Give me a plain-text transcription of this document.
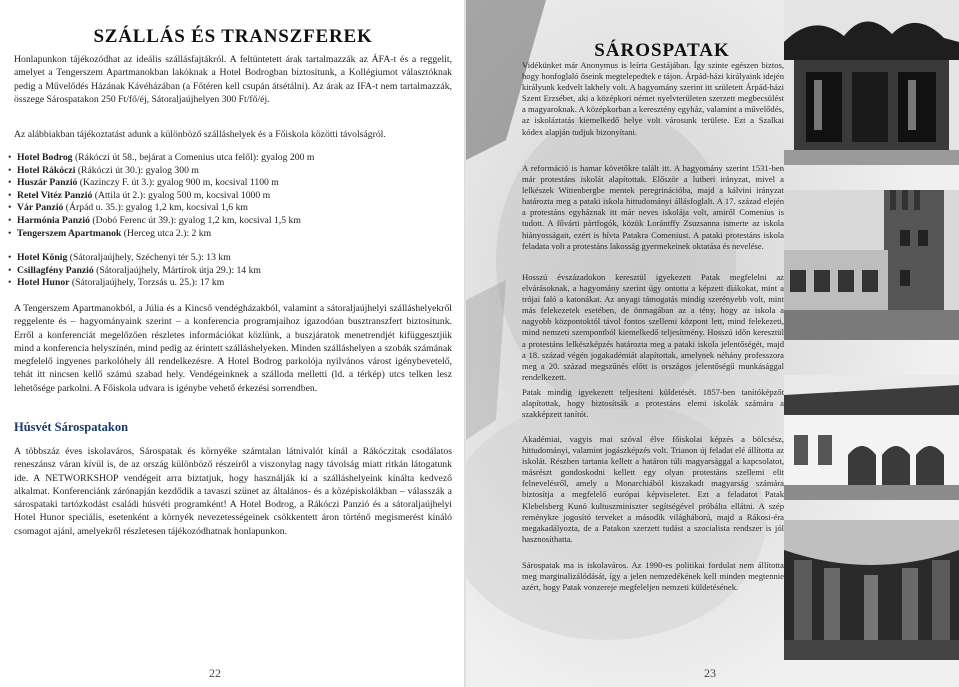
SZÁLLÁS ÉS TRANSZFEREK

Honlapunkon tájékozódhat az ideális szállásfajtákról. A feltüntetett árak tartalmazzák az ÁFA-t és a reggelit, amelyet a Tengerszem Apartmanokban lakóknak a Hotel Bodrogban biztosítunk, a Kollégiumot választóknak pedig a Művelődés Házának Kávéházában (a Főtéren kell csupán átsétálni). Az árak az IFA-t nem tartalmazzák, összege Sárospatakon 250 Ft/fő/éj, Sátoraljaújhelyen 300 Ft/fő/éj.

Az alábbiakban tájékoztatást adunk a különböző szálláshelyek és a Főiskola közötti távolságról.

• Hotel Bodrog (Rákóczi út 58., bejárat a Comenius utca felől): gyalog 200 m
• Hotel Rákóczi (Rákóczi út 30.): gyalog 300 m
• Huszár Panzió (Kazinczy F. út 3.): gyalog 900 m, kocsival 1100 m
• Retel Vitéz Panzió (Attila út 2.): gyalog 500 m, kocsival 1000 m
• Vár Panzió (Árpád u. 35.): gyalog 1,2 km, kocsival 1,6 km
• Harmónia Panzió (Dobó Ferenc út 39.): gyalog 1,2 km, kocsival 1,5 km
• Tengerszem Apartmanok (Herceg utca 2.): 2 km
• Hotel König (Sátoraljaújhely, Széchenyi tér 5.): 13 km
• Csillagfény Panzió (Sátoraljaújhely, Mártírok útja 29.): 14 km
• Hotel Hunor (Sátoraljaújhely, Torzsás u. 25.): 17 km

A Tengerszem Apartmanokból, a Júlia és a Kincső vendégházakból, valamint a sátoraljaújhelyi szálláshelyekről reggelente és – hagyományaink szerint – a konferencia programjaihoz igazodóan busztranszfert biztosítunk. Erről a konferenciát megelőzően részletes információkat közlünk, a buszjáratok menetrendjét kifüggesztjük mind a konferencia helyszínén, mind pedig az érintett szálláshelyeken. Minden szálláshelyen a szobák számának megfelelő ingyenes parkolóhely áll rendelkezésre. A Hotel Bodrog parkolója nyilvános várost igénybevetelő, tehát itt nincsen kellő számú szabad hely. Vendégeinknek a szálloda melletti (ld. a térkép) utcs telken lesz lehetősége parkolni. A Főiskola udvara is igénybe vehető érkezési sorrendben.

Húsvét Sárospatakon

A többszáz éves iskolaváros, Sárospatak és környéke számtalan látnivalót kínál a Rákóczitak csodálatos reneszánsz váran kívül is, de az ország különböző részeiről a viszonylag nagy távolság miatt ritkán látogatunk ide. A NETWORKSHOP vendégeit arra biztatjuk, hogy használják ki a szálláshelyeink kínálta kedvező alkalmat. Konferenciánk zárónapján kezdődik a tavaszi szünet az általános- és a középiskolákban – válasszák a sárospataki tartózkodást családi húsvéti programként! A Hotel Bodrog, a Rákóczi Panzió és a sátoraljaújhelyi Hotel Hunor speciális, esetenként a környék nevezetességeinek csökkentett áron történő megismerést kínáló csomagot ajánl, amelyekről részletesen tájékozódhatnak honlapunkon.

22
SÁROSPATAK

Vidékünket már Anonymus is leírta Gestájában. Így szinte egészen biztos, hogy honfoglaló őseink megtelepedtek e tájon. Árpád-házi királyaink idején királyunk kedvelt lakhely volt. A hagyomány szerint itt született Árpád-házi Szent Erzsébet, aki a középkori német nyelvterületen szerzett megbecsülést a magyaroknak. A középkorban a keresztény egyház, valamint a művelődés, az iskoláztatás kiemelkedő helye volt városunk területe. Ezt a Szalkai kódex alapján tudjuk bizonyítani.

A reformáció is hamar követőkre talált itt. A hagyomány szerint 1531-ben már protestáns iskolát alapítottak. Először a lutheri irányzat, mivel a lelkészek Wittenbergbe mentek peregrinációba, majd a kálvini irányzat határozta meg a pataki iskola hittudományi állásfoglalt. A 17. század elején a protestáns egyháznak itt már neves iskolája volt, amiről Comenius is tudott. A fővárti pártfogók, közük Lorántffy Zsuzsanna ismerte az iskola hiányosságait, ezért is hívta Patakra Comeniust. A pataki protestáns iskola feladata volt a protestáns lakosság gyermekeinek oktatása és nevelése.

Hosszú évszázadokon keresztül igyekezett Patak megfelelni az elvárásoknak, a hagyomány szerint úgy ontotta a képzett diákokat, mint a trójai faló a katonákat. Az anyagi támogatás mindig szerényebb volt, mint más felekezetek esetében, de önmagában az a tény, hogy az iskola a nagyobb központoktól távol fontos szellemi központ lett, mind felekezeti, mind nemzeti szempontból kiemelkedő teljesítmény. Hosszú időn keresztül a protestáns lelkészképzés határozta meg a pataki iskola jelentőségét, majd a 18. század végén jogakadémiát alapítottak, amelynek néhány professzora meg a 20. század megszűnés előtt is országos jelentőségű munkásággal rendelkezett.

Patak mindig igyekezett teljesíteni küldetését. 1857-ben tanítóképzőt alapítottak, hogy biztosítsák a protestáns elemi iskolák számára a szakképzett tanítót.

Akadémiai, vagyis mai szóval élve főiskolai képzés a bölcsész, hittudományi, valamint jogászképzés volt. Trianon új feladat elé állította az iskolát. Részben tartania kellett a határon túli magyarsággal a kapcsolatot, másrészt gondoskodni kellett egy olyan protestáns szellemi elit felnevelésről, amely a Monarchiából kiszakadt magyarság számára biztosítja a megfelelő európai képviseletet. Ezt a feladatot Patak Klebelsberg Kunó kultuszminiszter segítségével próbálta ellátni. A szép reménykre jogosító terveket a második világháború, majd a Rákosi-éra megakadályozta, de a Patakon szerzett tudást a szocialista rendszer is jól hasznosíthatta.

Sárospatak ma is iskolaváros. Az 1990-es politikai fordulat nem állította meg marginalizálódását, így a jelen nemzedékének kell minden megtennie azért, hogy Patak vonzereje megfeleljen nemzeti küldetésének.

23
